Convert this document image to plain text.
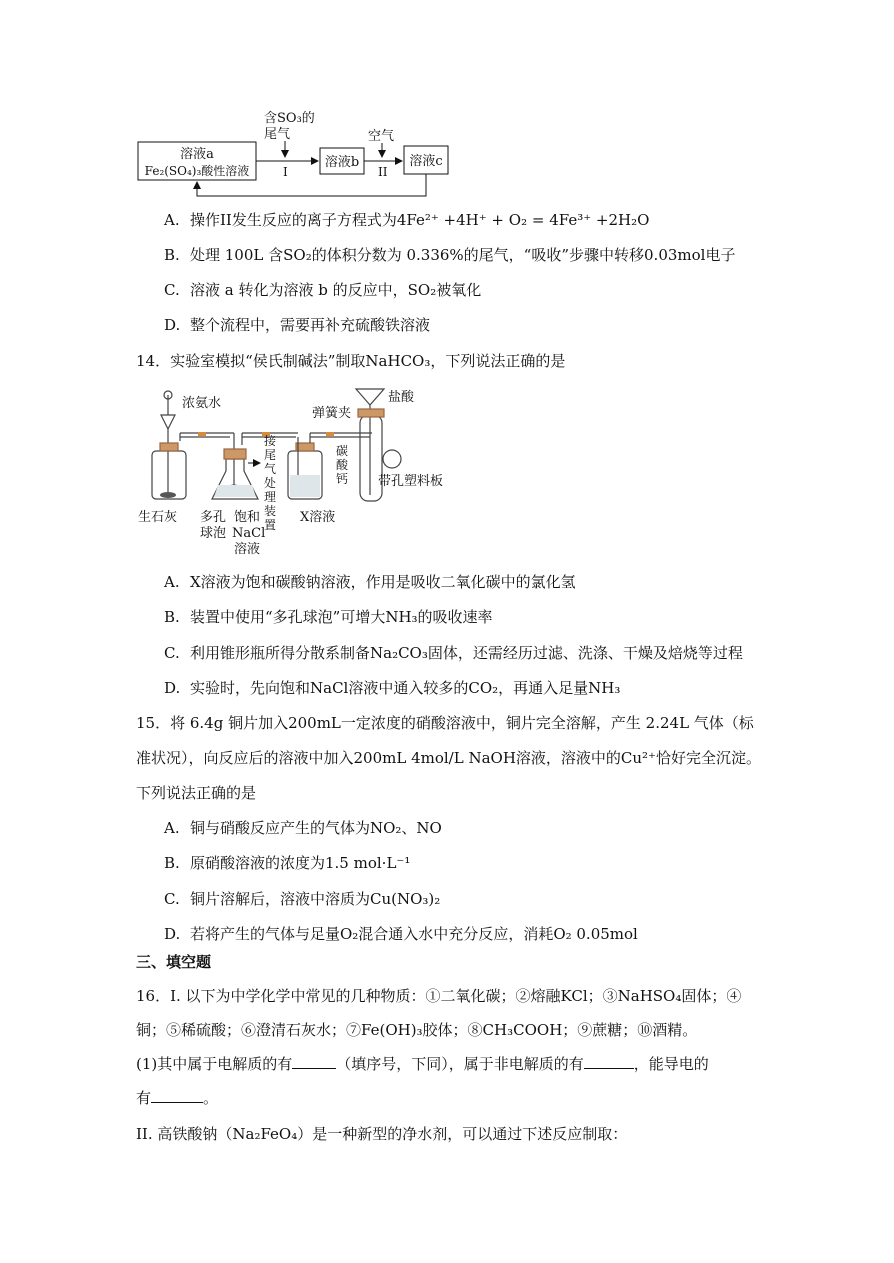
溶液a
Fe₂(SO₄)₃酸性溶液
含SO₃的
尾气
I
溶液b
空气
II
溶液c
A. 操作II发生反应的离子方程式为4Fe²⁺ +4H⁺ + O₂ = 4Fe³⁺ +2H₂O
B. 处理 100L 含SO₂的体积分数为 0.336%的尾气，“吸收”步骤中转移0.03mol电子
C. 溶液 a 转化为溶液 b 的反应中，SO₂被氧化
D. 整个流程中，需要再补充硫酸铁溶液
14．实验室模拟“侯氏制碱法”制取NaHCO₃，下列说法正确的是
浓氨水
生石灰 多孔
球泡
饱和
NaCl
溶液
接
尾
气
处
理
装
置 X溶液
弹簧夹
盐酸
碳
酸
钙 带孔塑料板
A. X溶液为饱和碳酸钠溶液，作用是吸收二氧化碳中的氯化氢
B. 装置中使用“多孔球泡”可增大NH₃的吸收速率
C. 利用锥形瓶所得分散系制备Na₂CO₃固体，还需经历过滤、洗涤、干燥及焙烧等过程
D. 实验时，先向饱和NaCl溶液中通入较多的CO₂，再通入足量NH₃
15．将 6.4g 铜片加入200mL一定浓度的硝酸溶液中，铜片完全溶解，产生 2.24L 气体（标
准状况），向反应后的溶液中加入200mL 4mol/L NaOH溶液，溶液中的Cu²⁺恰好完全沉淀。
下列说法正确的是
A. 铜与硝酸反应产生的气体为NO₂、NO
B. 原硝酸溶液的浓度为1.5 mol·L⁻¹
C. 铜片溶解后，溶液中溶质为Cu(NO₃)₂
D. 若将产生的气体与足量O₂混合通入水中充分反应，消耗O₂ 0.05mol
三、填空题
16．I. 以下为中学化学中常见的几种物质：①二氧化碳；②熔融KCl；③NaHSO₄固体；④
铜；⑤稀硫酸；⑥澄清石灰水；⑦Fe(OH)₃胶体；⑧CH₃COOH；⑨蔗糖；⑩酒精。
(1)其中属于电解质的有	（填序号，下同），属于非电解质的有	，能导电的
有	。
II. 高铁酸钠（Na₂FeO₄）是一种新型的净水剂，可以通过下述反应制取：
